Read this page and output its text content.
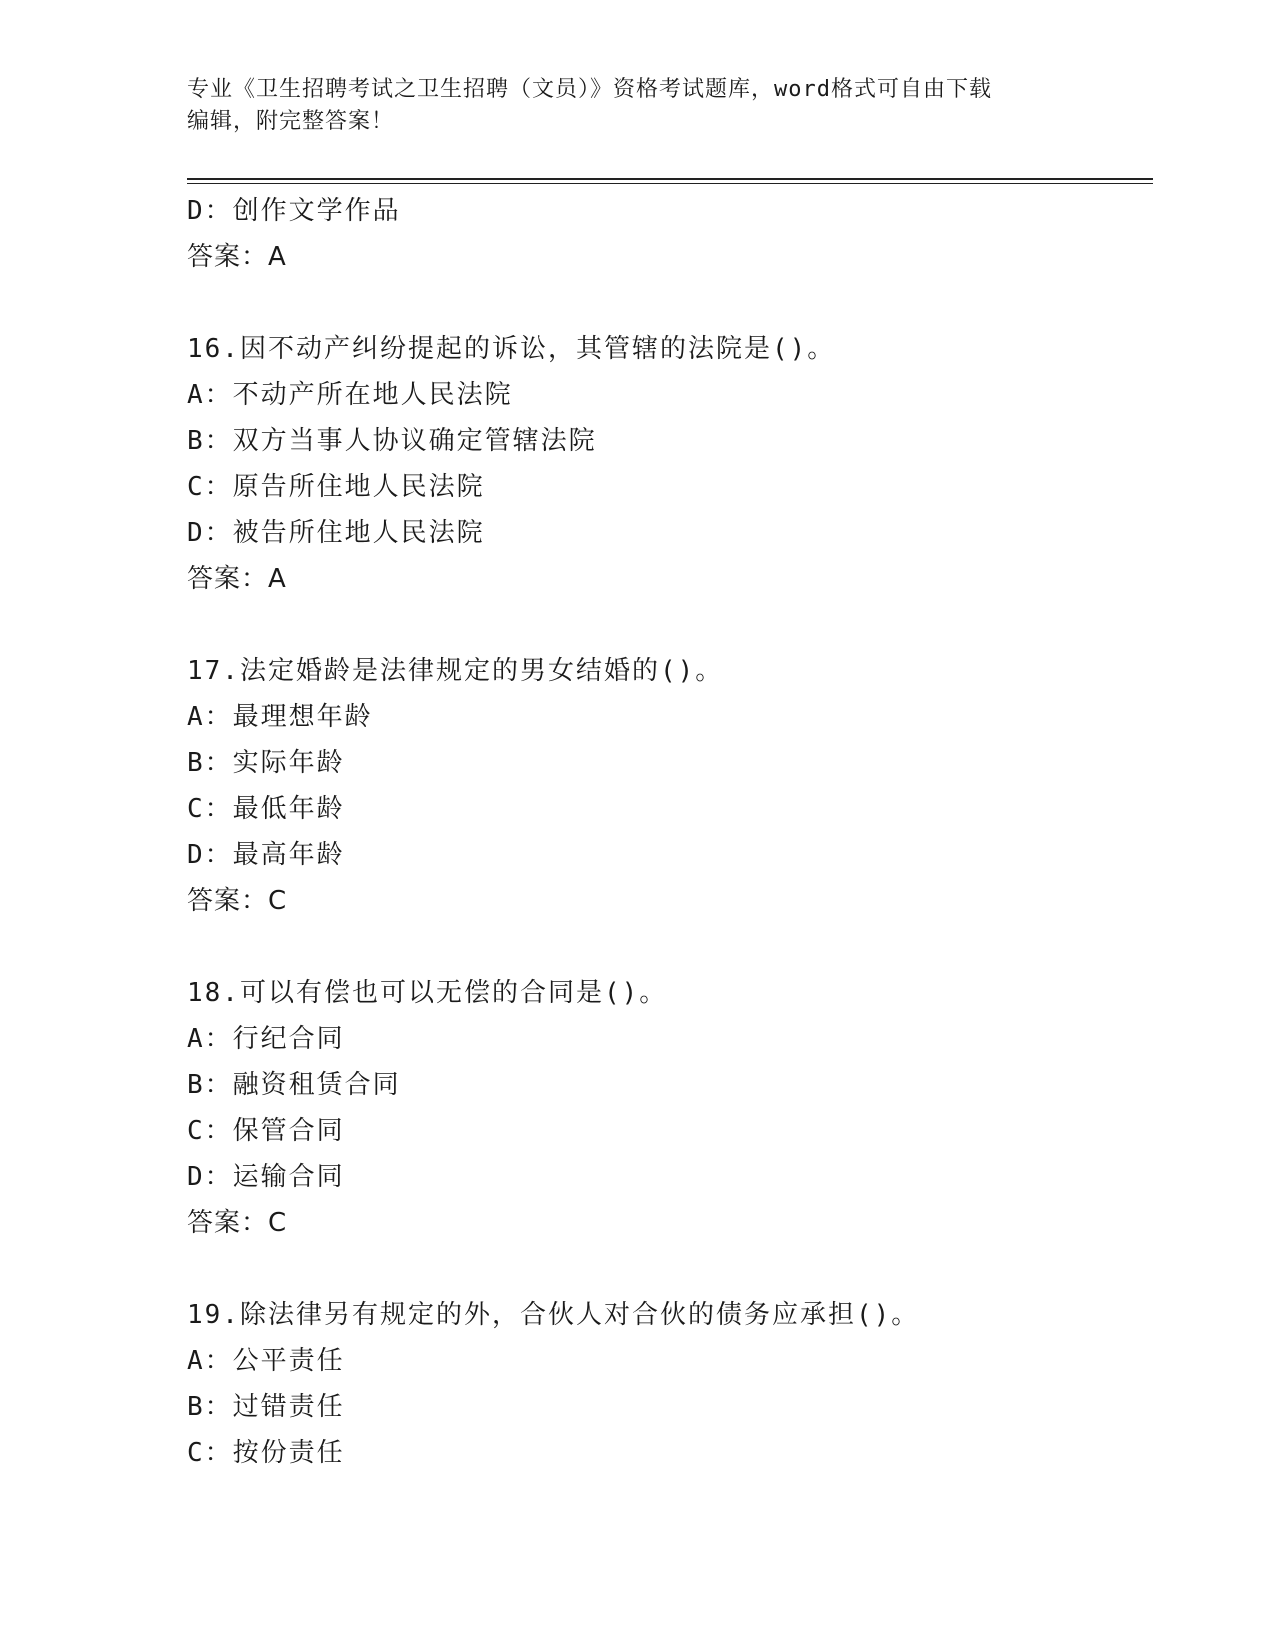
专业《卫生招聘考试之卫生招聘（文员）》资格考试题库，word格式可自由下载
编辑，附完整答案！
D：创作文学作品
答案：A
16.因不动产纠纷提起的诉讼，其管辖的法院是()。
A：不动产所在地人民法院
B：双方当事人协议确定管辖法院
C：原告所住地人民法院
D：被告所住地人民法院
答案：A
17.法定婚龄是法律规定的男女结婚的()。
A：最理想年龄
B：实际年龄
C：最低年龄
D：最高年龄
答案：C
18.可以有偿也可以无偿的合同是()。
A：行纪合同
B：融资租赁合同
C：保管合同
D：运输合同
答案：C
19.除法律另有规定的外，合伙人对合伙的债务应承担()。
A：公平责任
B：过错责任
C：按份责任
